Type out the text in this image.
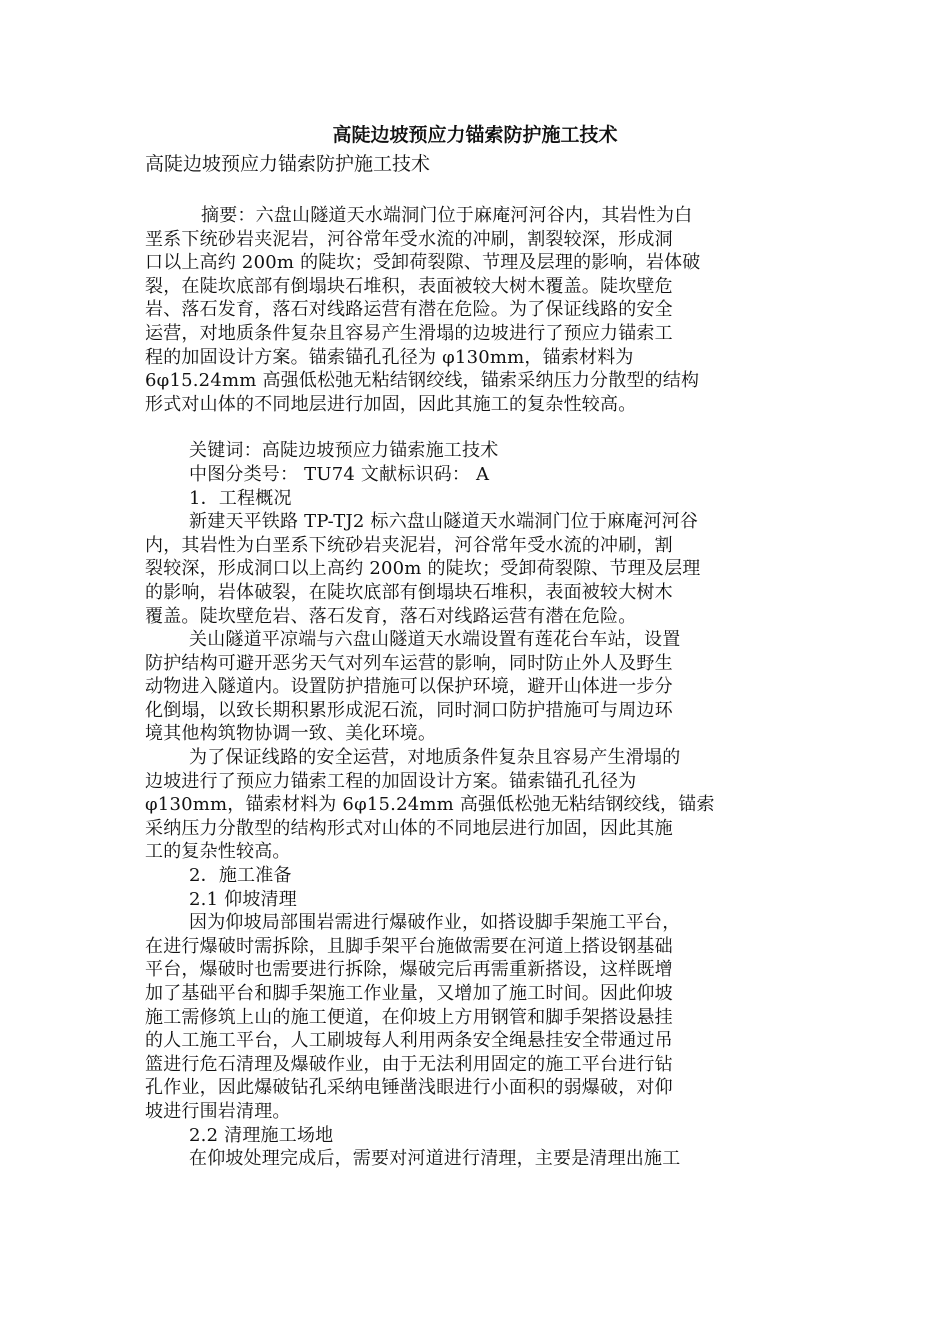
高陡边坡预应力锚索防护施工技术

高陡边坡预应力锚索防护施工技术

摘要：六盘山隧道天水端洞门位于麻庵河河谷内，其岩性为白

垩系下统砂岩夹泥岩，河谷常年受水流的冲刷，割裂较深，形成洞

口以上高约 200m 的陡坎；受卸荷裂隙、节理及层理的影响，岩体破

裂，在陡坎底部有倒塌块石堆积，表面被较大树木覆盖。陡坎壁危

岩、落石发育，落石对线路运营有潜在危险。为了保证线路的安全

运营，对地质条件复杂且容易产生滑塌的边坡进行了预应力锚索工

程的加固设计方案。锚索锚孔孔径为 φ130mm，锚索材料为

6φ15.24mm 高强低松弛无粘结钢绞线，锚索采纳压力分散型的结构

形式对山体的不同地层进行加固，因此其施工的复杂性较高。

关键词：高陡边坡预应力锚索施工技术

中图分类号： TU74 文献标识码： A

1．工程概况

新建天平铁路 TP-TJ2 标六盘山隧道天水端洞门位于麻庵河河谷

内，其岩性为白垩系下统砂岩夹泥岩，河谷常年受水流的冲刷，割

裂较深，形成洞口以上高约 200m 的陡坎；受卸荷裂隙、节理及层理

的影响，岩体破裂，在陡坎底部有倒塌块石堆积，表面被较大树木

覆盖。陡坎壁危岩、落石发育，落石对线路运营有潜在危险。

关山隧道平凉端与六盘山隧道天水端设置有莲花台车站，设置

防护结构可避开恶劣天气对列车运营的影响，同时防止外人及野生

动物进入隧道内。设置防护措施可以保护环境，避开山体进一步分

化倒塌，以致长期积累形成泥石流，同时洞口防护措施可与周边环

境其他构筑物协调一致、美化环境。

为了保证线路的安全运营，对地质条件复杂且容易产生滑塌的

边坡进行了预应力锚索工程的加固设计方案。锚索锚孔孔径为

φ130mm，锚索材料为 6φ15.24mm 高强低松弛无粘结钢绞线，锚索

采纳压力分散型的结构形式对山体的不同地层进行加固，因此其施

工的复杂性较高。

2．施工准备

2.1 仰坡清理

因为仰坡局部围岩需进行爆破作业，如搭设脚手架施工平台，

在进行爆破时需拆除，且脚手架平台施做需要在河道上搭设钢基础

平台，爆破时也需要进行拆除，爆破完后再需重新搭设，这样既增

加了基础平台和脚手架施工作业量，又增加了施工时间。因此仰坡

施工需修筑上山的施工便道，在仰坡上方用钢管和脚手架搭设悬挂

的人工施工平台，人工刷坡每人利用两条安全绳悬挂安全带通过吊

篮进行危石清理及爆破作业，由于无法利用固定的施工平台进行钻

孔作业，因此爆破钻孔采纳电锤凿浅眼进行小面积的弱爆破，对仰

坡进行围岩清理。

2.2 清理施工场地

在仰坡处理完成后，需要对河道进行清理，主要是清理出施工
